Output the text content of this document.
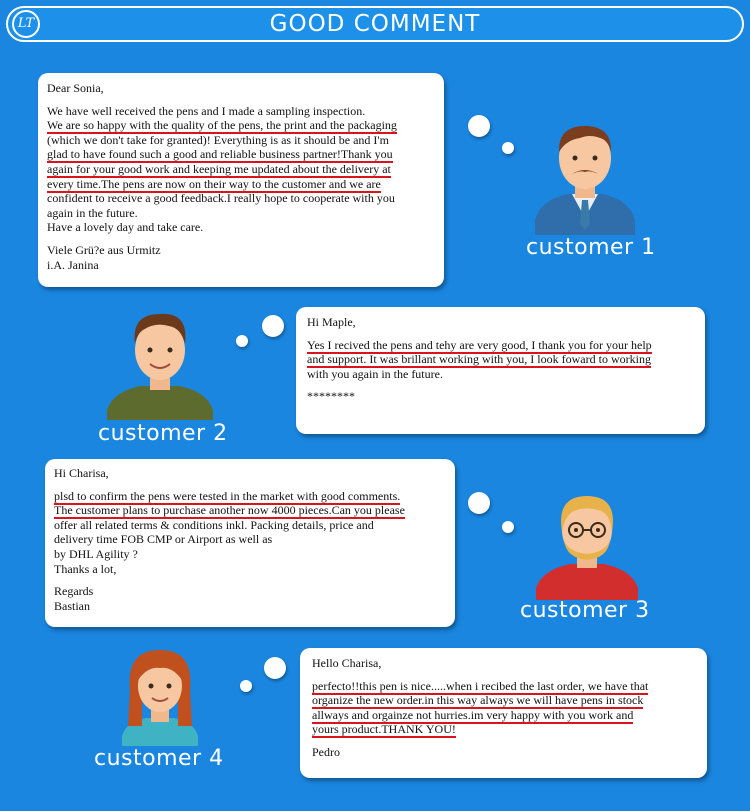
LT	GOOD COMMENT

Dear Sonia,

We have well received the pens and I made a sampling inspection.

We are so happy with the quality of the pens, the print and the packaging

(which we don't take for granted)! Everything is as it should be and I'm

glad to have found such a good and reliable business partner!Thank you

again for your good work and keeping me updated about the delivery at

every time.The pens are now on their way to the customer and we are

confident to receive a good feedback.I really hope to cooperate with you

again in the future.

Have a lovely day and take care.

Viele Grü?e aus Urmitz

i.A. Janina

customer 1
customer 2

Hi Maple,

Yes I recived the pens and tehy are very good, I thank you for your help

and support. It was brillant working with you, I look foward to working

with you again in the future.

********

Hi Charisa,

plsd to confirm the pens were tested in the market with good comments.

The customer plans to purchase another now 4000 pieces.Can you please

offer all related terms & conditions inkl. Packing details, price and

delivery time FOB CMP or Airport as well as

by DHL Agility ?

Thanks a lot,

Regards

Bastian	customer 3
customer 4

Hello Charisa,

perfecto!!this pen is nice.....when i recibed the last order, we have that

organize the new order.in this way always we will have pens in stock

allways and orgainze not hurries.im very happy with you work and

yours product.THANK YOU!

Pedro
